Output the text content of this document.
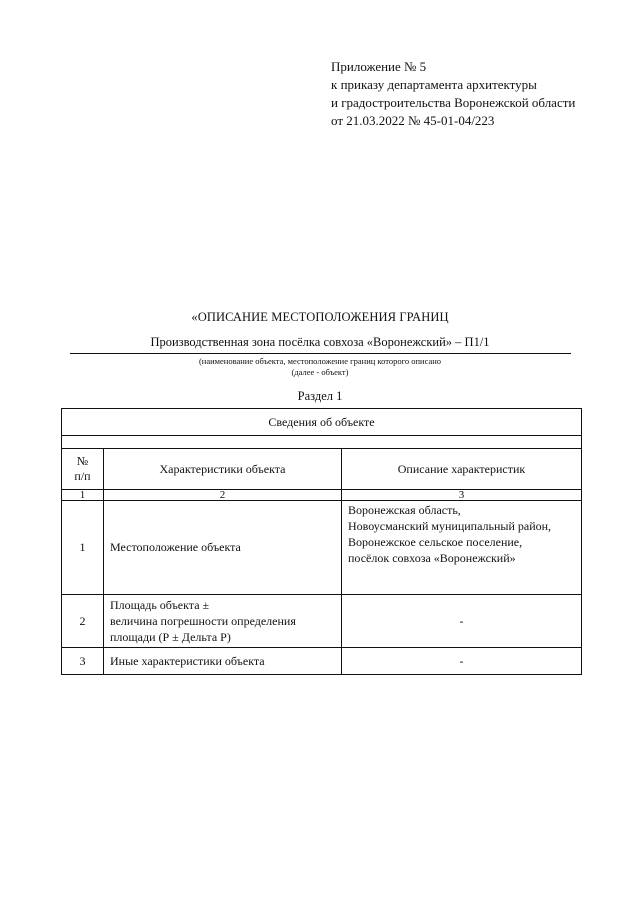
Приложение № 5
к приказу департамента архитектуры
и градостроительства Воронежской области
от 21.03.2022 № 45-01-04/223
«ОПИСАНИЕ МЕСТОПОЛОЖЕНИЯ ГРАНИЦ
Производственная зона посёлка совхоза «Воронежский» – П1/1
(наименование объекта, местоположение границ которого описано
(далее - объект)
Раздел 1
Сведения об объекте		

№
п/п	Характеристики объекта	Описание характеристик
1	2	3
1	Местоположение объекта	Воронежская область,
Новоусманский муниципальный район,
Воронежское сельское поселение,
посёлок совхоза «Воронежский»

2	Площадь объекта ±
величина погрешности определения
площади (Р ± Дельта Р)	-
3	Иные характеристики объекта	-
